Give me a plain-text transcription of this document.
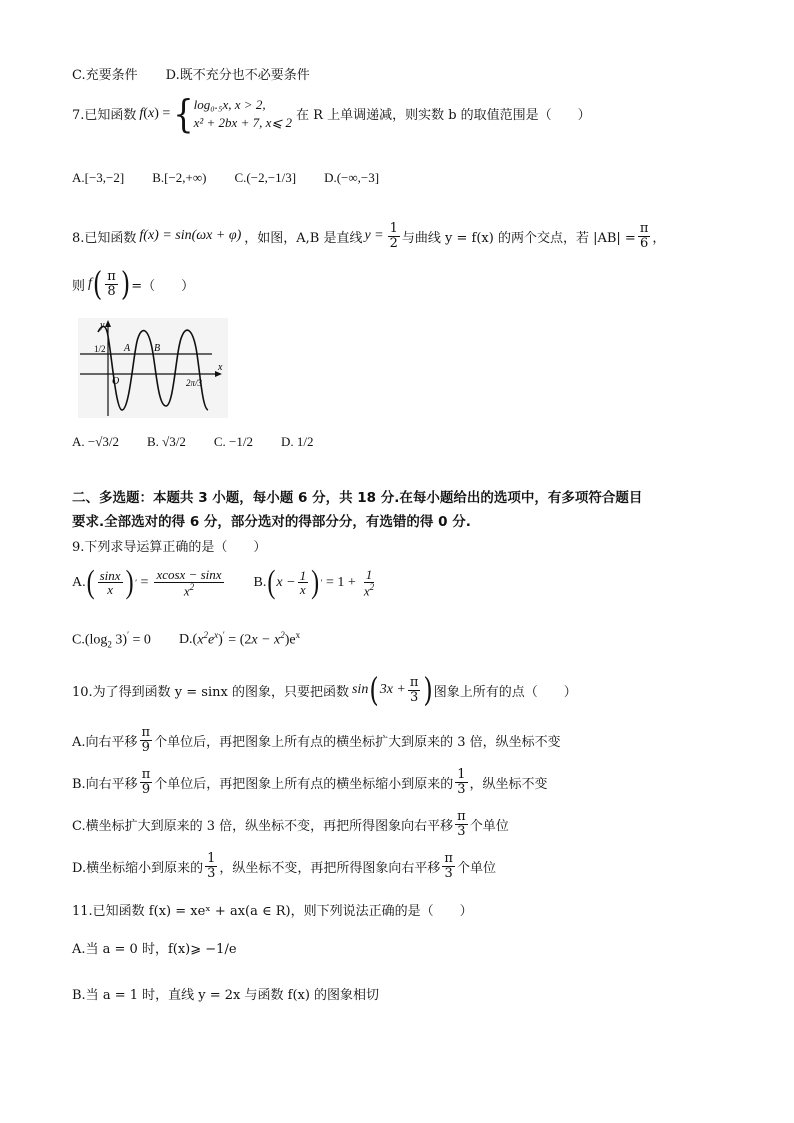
C.充要条件 D.既不充分也不必要条件
7.已知函数 f(x) = { log₀.₅x, x > 2,
x² + 2bx + 7, x⩽ 2 在 R 上单调递减，则实数 b 的取值范围是（　　）
A.[−3,−2] B.[−2,+∞) C.(−2,−1/3] D.(−∞,−3]
8.已知函数 f(x) = sin(ωx + φ) ，如图，A,B 是直线 $y = \frac{1}{2}$ 与曲线 y = f(x) 的两个交点，若 $|AB| = \frac{\pi}{6}$ ，
则 f ( $\frac{\pi}{8}$ ) =（　　）
y
x
O
1/2 A B
2π/3
A. −√3/2 B. √3/2 C. −1/2 D. 1/2
二、多选题：本题共 3 小题，每小题 6 分，共 18 分.在每小题给出的选项中，有多项符合题目
要求.全部选对的得 6 分，部分选对的得部分分，有选错的得 0 分.
9.下列求导运算正确的是（　　）
A. ( $\frac{\sin x}{x}$ ) ′ = $\frac{xcosx - \sin x}{x^2} B$. ( $x - \frac{1}{x}$ ) ′ = $1 + \frac{1}{x^2}$
$C.(\log_2$ 3)′ = 0 D.( $x^2e^x$ )′ = (2 $x - x^2$ )$e^x$
10.为了得到函数 y = sinx 的图象，只要把函数 sin ( $3x + \frac{\pi}{3}$ ) 图象上所有的点（　　）
A.向右平移 $\frac{\pi}{9}$ 个单位后，再把图象上所有点的横坐标扩大到原来的 3 倍，纵坐标不变
B.向右平移 $\frac{\pi}{9}$ 个单位后，再把图象上所有点的横坐标缩小到原来的 $\frac{1}{3}$ ，纵坐标不变
C.横坐标扩大到原来的 3 倍，纵坐标不变，再把所得图象向右平移 $\frac{\pi}{3}$ 个单位
D.横坐标缩小到原来的 $\frac{1}{3}$ ，纵坐标不变，再把所得图象向右平移 $\frac{\pi}{3}$ 个单位
11.已知函数 f(x) = xeˣ + ax(a ∈ R)，则下列说法正确的是（　　）
A.当 a = 0 时，f(x)⩾ −1/e
B.当 a = 1 时，直线 y = 2x 与函数 f(x) 的图象相切
